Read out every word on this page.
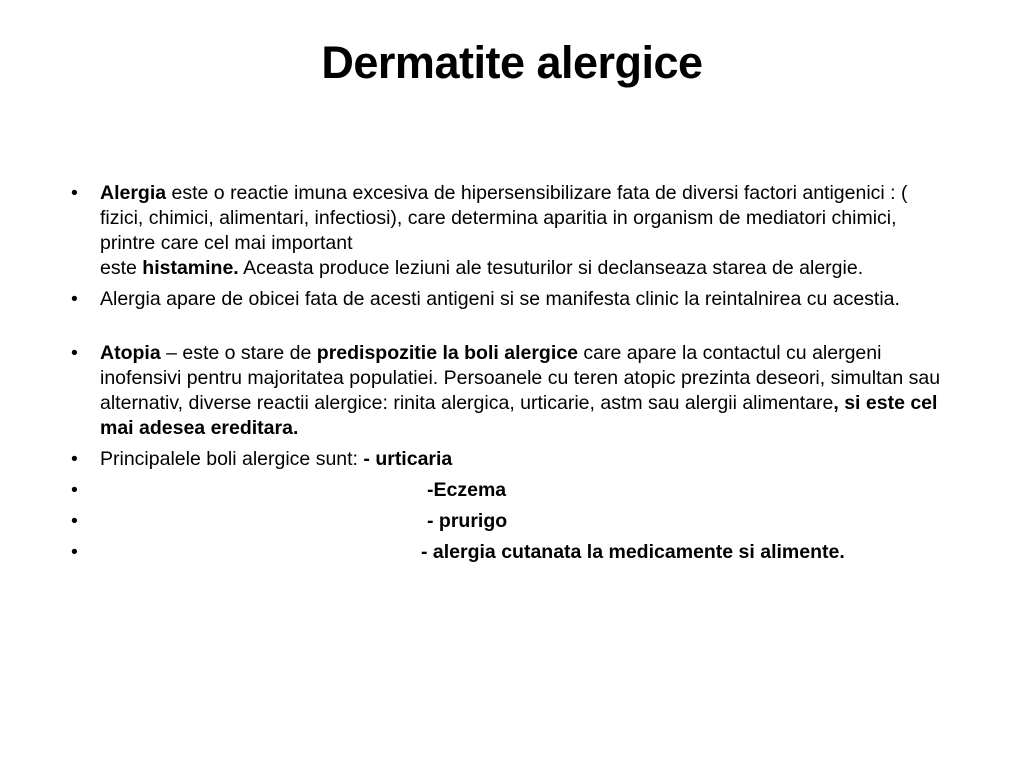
Dermatite alergice
•	Alergia este o reactie imuna excesiva de hipersensibilizare fata de diversi factori antigenici : ( fizici, chimici, alimentari, infectiosi), care determina aparitia in organism de mediatori chimici, printre care cel mai important
este histamine. Aceasta produce leziuni ale tesuturilor si declanseaza starea de alergie.
•	Alergia apare de obicei fata de acesti antigeni si se manifesta clinic la reintalnirea cu acestia.
•	Atopia – este o stare de predispozitie la boli alergice care apare la contactul cu alergeni inofensivi pentru majoritatea populatiei. Persoanele cu teren atopic prezinta deseori, simultan sau alternativ, diverse reactii alergice: rinita alergica, urticarie, astm sau alergii alimentare, si este cel mai adesea ereditara.
•	Principalele boli alergice sunt: - urticaria
•	-Eczema
•	- prurigo
•	- alergia cutanata la medicamente si alimente.
